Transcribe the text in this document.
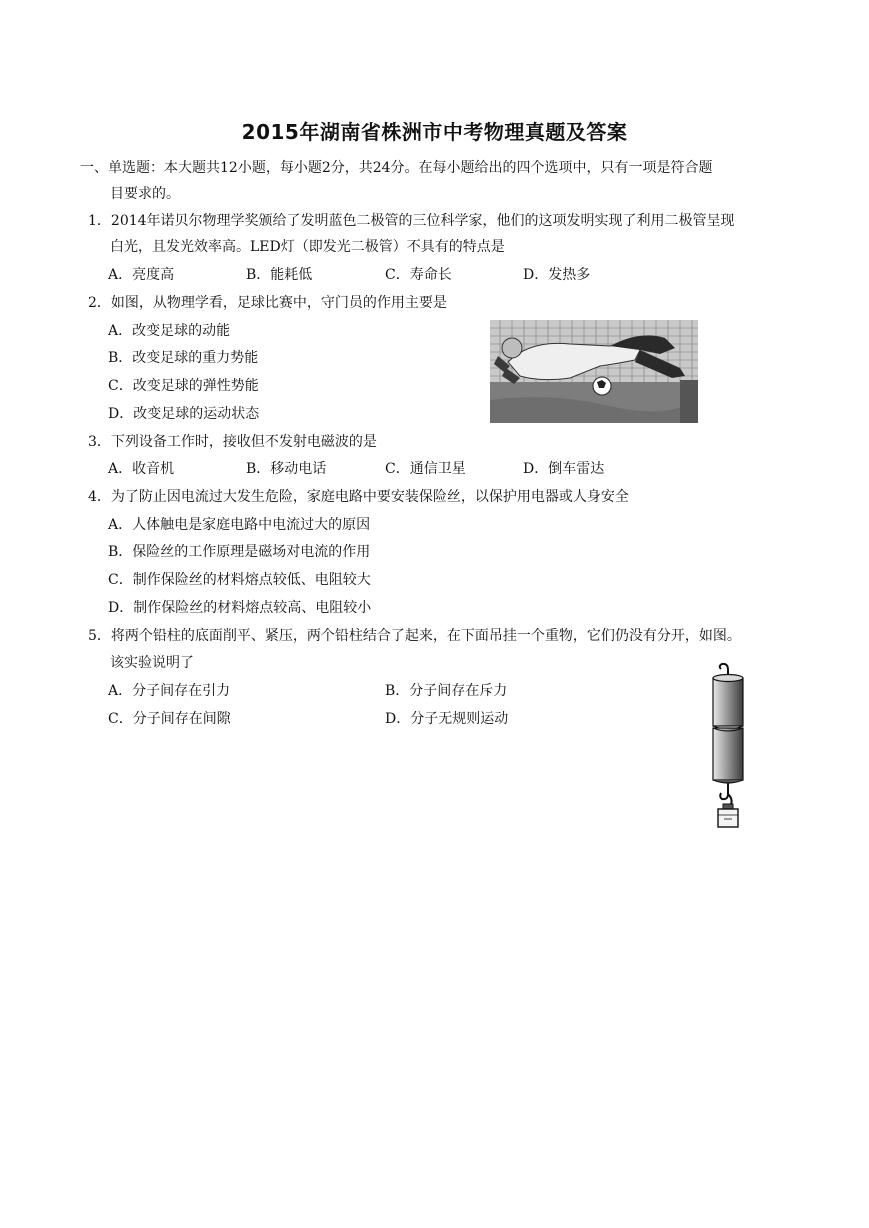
2015年湖南省株洲市中考物理真题及答案
一、单选题：本大题共12小题，每小题2分，共24分。在每小题给出的四个选项中，只有一项是符合题
目要求的。
1．2014年诺贝尔物理学奖颁给了发明蓝色二极管的三位科学家，他们的这项发明实现了利用二极管呈现
白光，且发光效率高。LED灯（即发光二极管）不具有的特点是
A．亮度高	B．能耗低	C．寿命长	D．发热多
2．如图，从物理学看，足球比赛中，守门员的作用主要是
A．改变足球的动能
B．改变足球的重力势能
C．改变足球的弹性势能
D．改变足球的运动状态
3．下列设备工作时，接收但不发射电磁波的是
A．收音机	B．移动电话	C．通信卫星	D．倒车雷达
4．为了防止因电流过大发生危险，家庭电路中要安装保险丝，以保护用电器或人身安全
A．人体触电是家庭电路中电流过大的原因
B．保险丝的工作原理是磁场对电流的作用
C．制作保险丝的材料熔点较低、电阻较大
D．制作保险丝的材料熔点较高、电阻较小
5．将两个铅柱的底面削平、紧压，两个铅柱结合了起来，在下面吊挂一个重物，它们仍没有分开，如图。
该实验说明了
A．分子间存在引力	B．分子间存在斥力
C．分子间存在间隙	D．分子无规则运动
